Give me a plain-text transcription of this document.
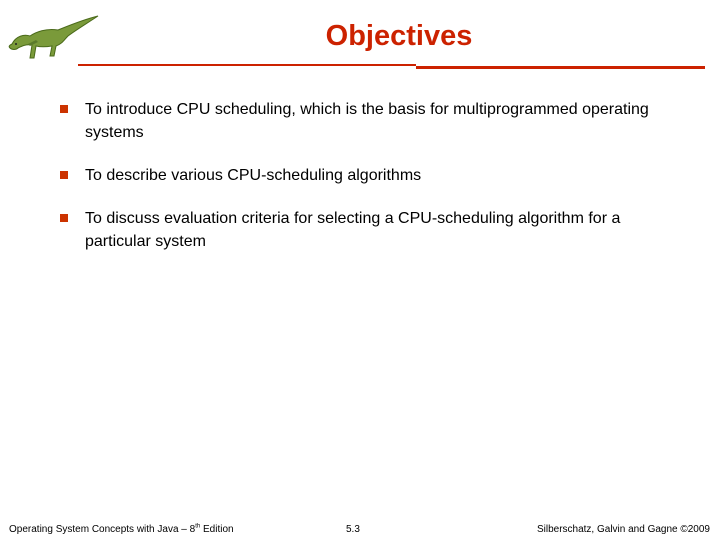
Objectives
To introduce CPU scheduling, which is the basis for multiprogrammed operating systems
To describe various CPU-scheduling algorithms
To discuss evaluation criteria for selecting a CPU-scheduling algorithm for a particular system
Operating System Concepts with Java – 8th Edition	5.3	Silberschatz, Galvin and Gagne ©2009
